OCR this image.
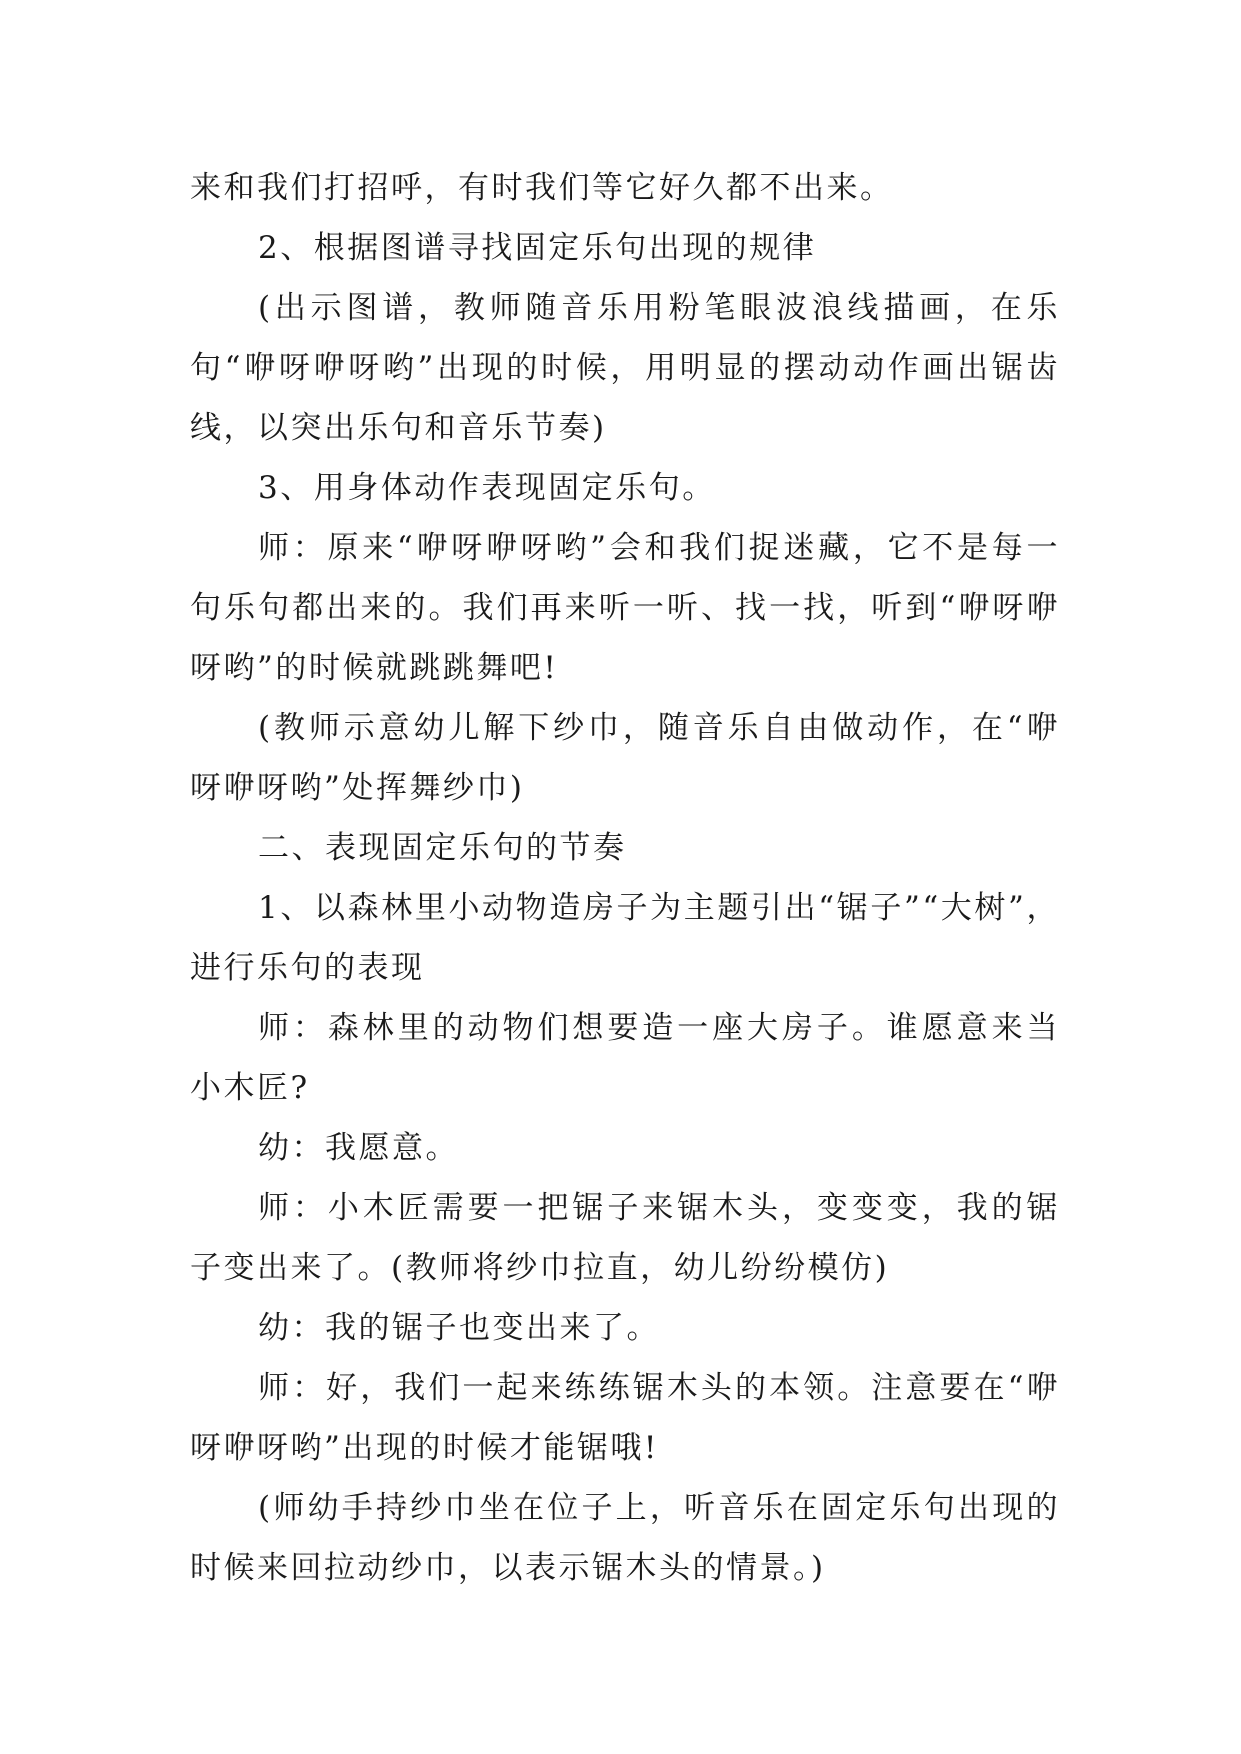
来和我们打招呼，有时我们等它好久都不出来。

2、根据图谱寻找固定乐句出现的规律

(出示图谱，教师随音乐用粉笔眼波浪线描画，在乐句“咿呀咿呀哟”出现的时候，用明显的摆动动作画出锯齿线，以突出乐句和音乐节奏)

3、用身体动作表现固定乐句。

师：原来“咿呀咿呀哟”会和我们捉迷藏，它不是每一句乐句都出来的。我们再来听一听、找一找，听到“咿呀咿呀哟”的时候就跳跳舞吧!

(教师示意幼儿解下纱巾，随音乐自由做动作，在“咿呀咿呀哟”处挥舞纱巾)

二、表现固定乐句的节奏

1、以森林里小动物造房子为主题引出“锯子”“大树”，进行乐句的表现

师：森林里的动物们想要造一座大房子。谁愿意来当小木匠?

幼：我愿意。

师：小木匠需要一把锯子来锯木头，变变变，我的锯子变出来了。(教师将纱巾拉直，幼儿纷纷模仿)

幼：我的锯子也变出来了。

师：好，我们一起来练练锯木头的本领。注意要在“咿呀咿呀哟”出现的时候才能锯哦!

(师幼手持纱巾坐在位子上，听音乐在固定乐句出现的时候来回拉动纱巾，以表示锯木头的情景。)
